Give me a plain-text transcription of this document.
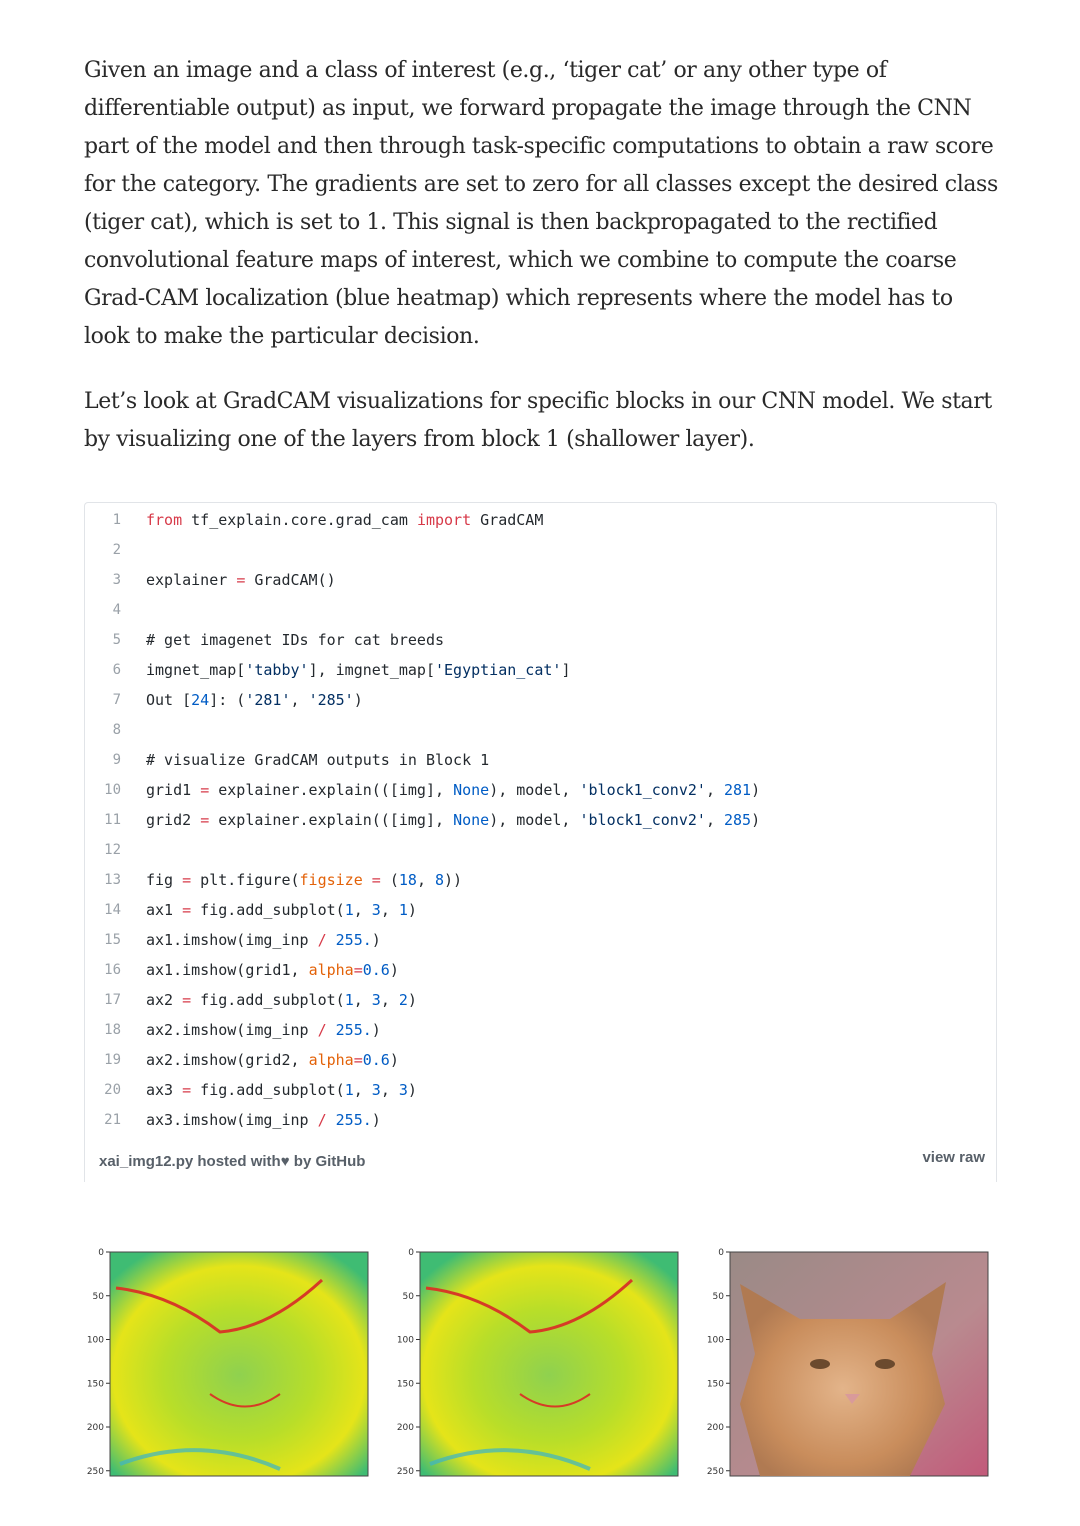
Given an image and a class of interest (e.g., ‘tiger cat’ or any other type of differentiable output) as input, we forward propagate the image through the CNN part of the model and then through task-specific computations to obtain a raw score for the category. The gradients are set to zero for all classes except the desired class (tiger cat), which is set to 1. This signal is then backpropagated to the rectified convolutional feature maps of interest, which we combine to compute the coarse Grad-CAM localization (blue heatmap) which represents where the model has to look to make the particular decision.

Let’s look at GradCAM visualizations for specific blocks in our CNN model. We start by visualizing one of the layers from block 1 (shallower layer).

1 from tf_explain.core.grad_cam import GradCAM
2
3 explainer = GradCAM()
4
5 # get imagenet IDs for cat breeds
6 imgnet_map['tabby'], imgnet_map['Egyptian_cat']
7 Out [24]: ('281', '285')
8
9 # visualize GradCAM outputs in Block 1
10 grid1 = explainer.explain(([img], None), model, 'block1_conv2', 281)
11 grid2 = explainer.explain(([img], None), model, 'block1_conv2', 285)
12
13 fig = plt.figure(figsize = (18, 8))
14 ax1 = fig.add_subplot(1, 3, 1)
15 ax1.imshow(img_inp / 255.)
16 ax1.imshow(grid1, alpha=0.6)
17 ax2 = fig.add_subplot(1, 3, 2)
18 ax2.imshow(img_inp / 255.)
19 ax2.imshow(grid2, alpha=0.6)
20 ax3 = fig.add_subplot(1, 3, 3)
21 ax3.imshow(img_inp / 255.)
xai_img12.py hosted with♥ by GitHub	view raw
0
50
100
150
200
250
0
50
100
150
200
250
0
50
100
150
200
250
